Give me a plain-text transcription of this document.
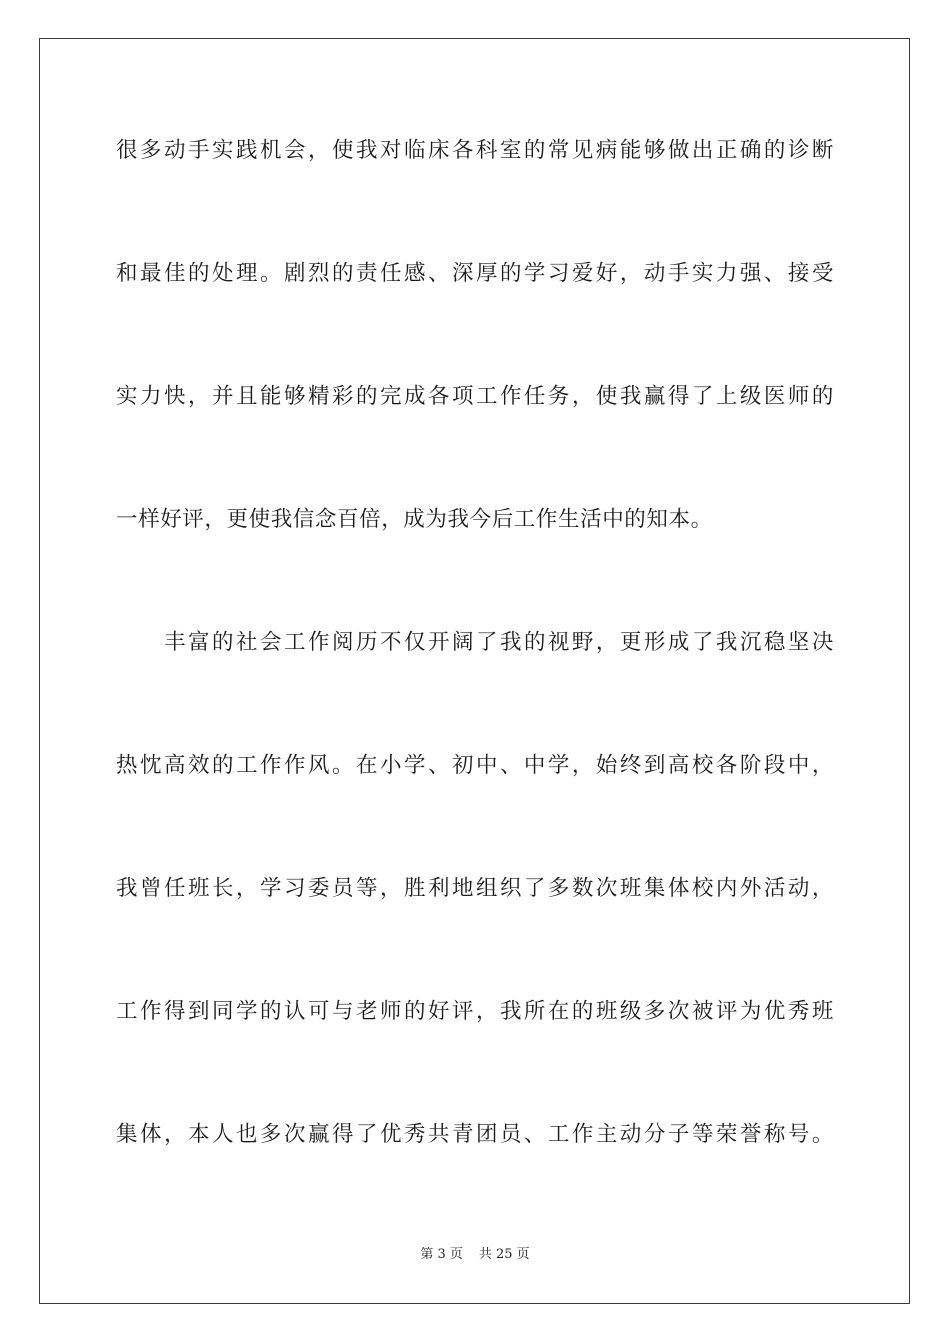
很多动手实践机会，使我对临床各科室的常见病能够做出正确的诊断
和最佳的处理。剧烈的责任感、深厚的学习爱好，动手实力强、接受
实力快，并且能够精彩的完成各项工作任务，使我赢得了上级医师的
一样好评，更使我信念百倍，成为我今后工作生活中的知本。
丰富的社会工作阅历不仅开阔了我的视野，更形成了我沉稳坚决
热忱高效的工作作风。在小学、初中、中学，始终到高校各阶段中，
我曾任班长，学习委员等，胜利地组织了多数次班集体校内外活动，
工作得到同学的认可与老师的好评，我所在的班级多次被评为优秀班
集体，本人也多次赢得了优秀共青团员、工作主动分子等荣誉称号。
第 3 页 共 25 页
